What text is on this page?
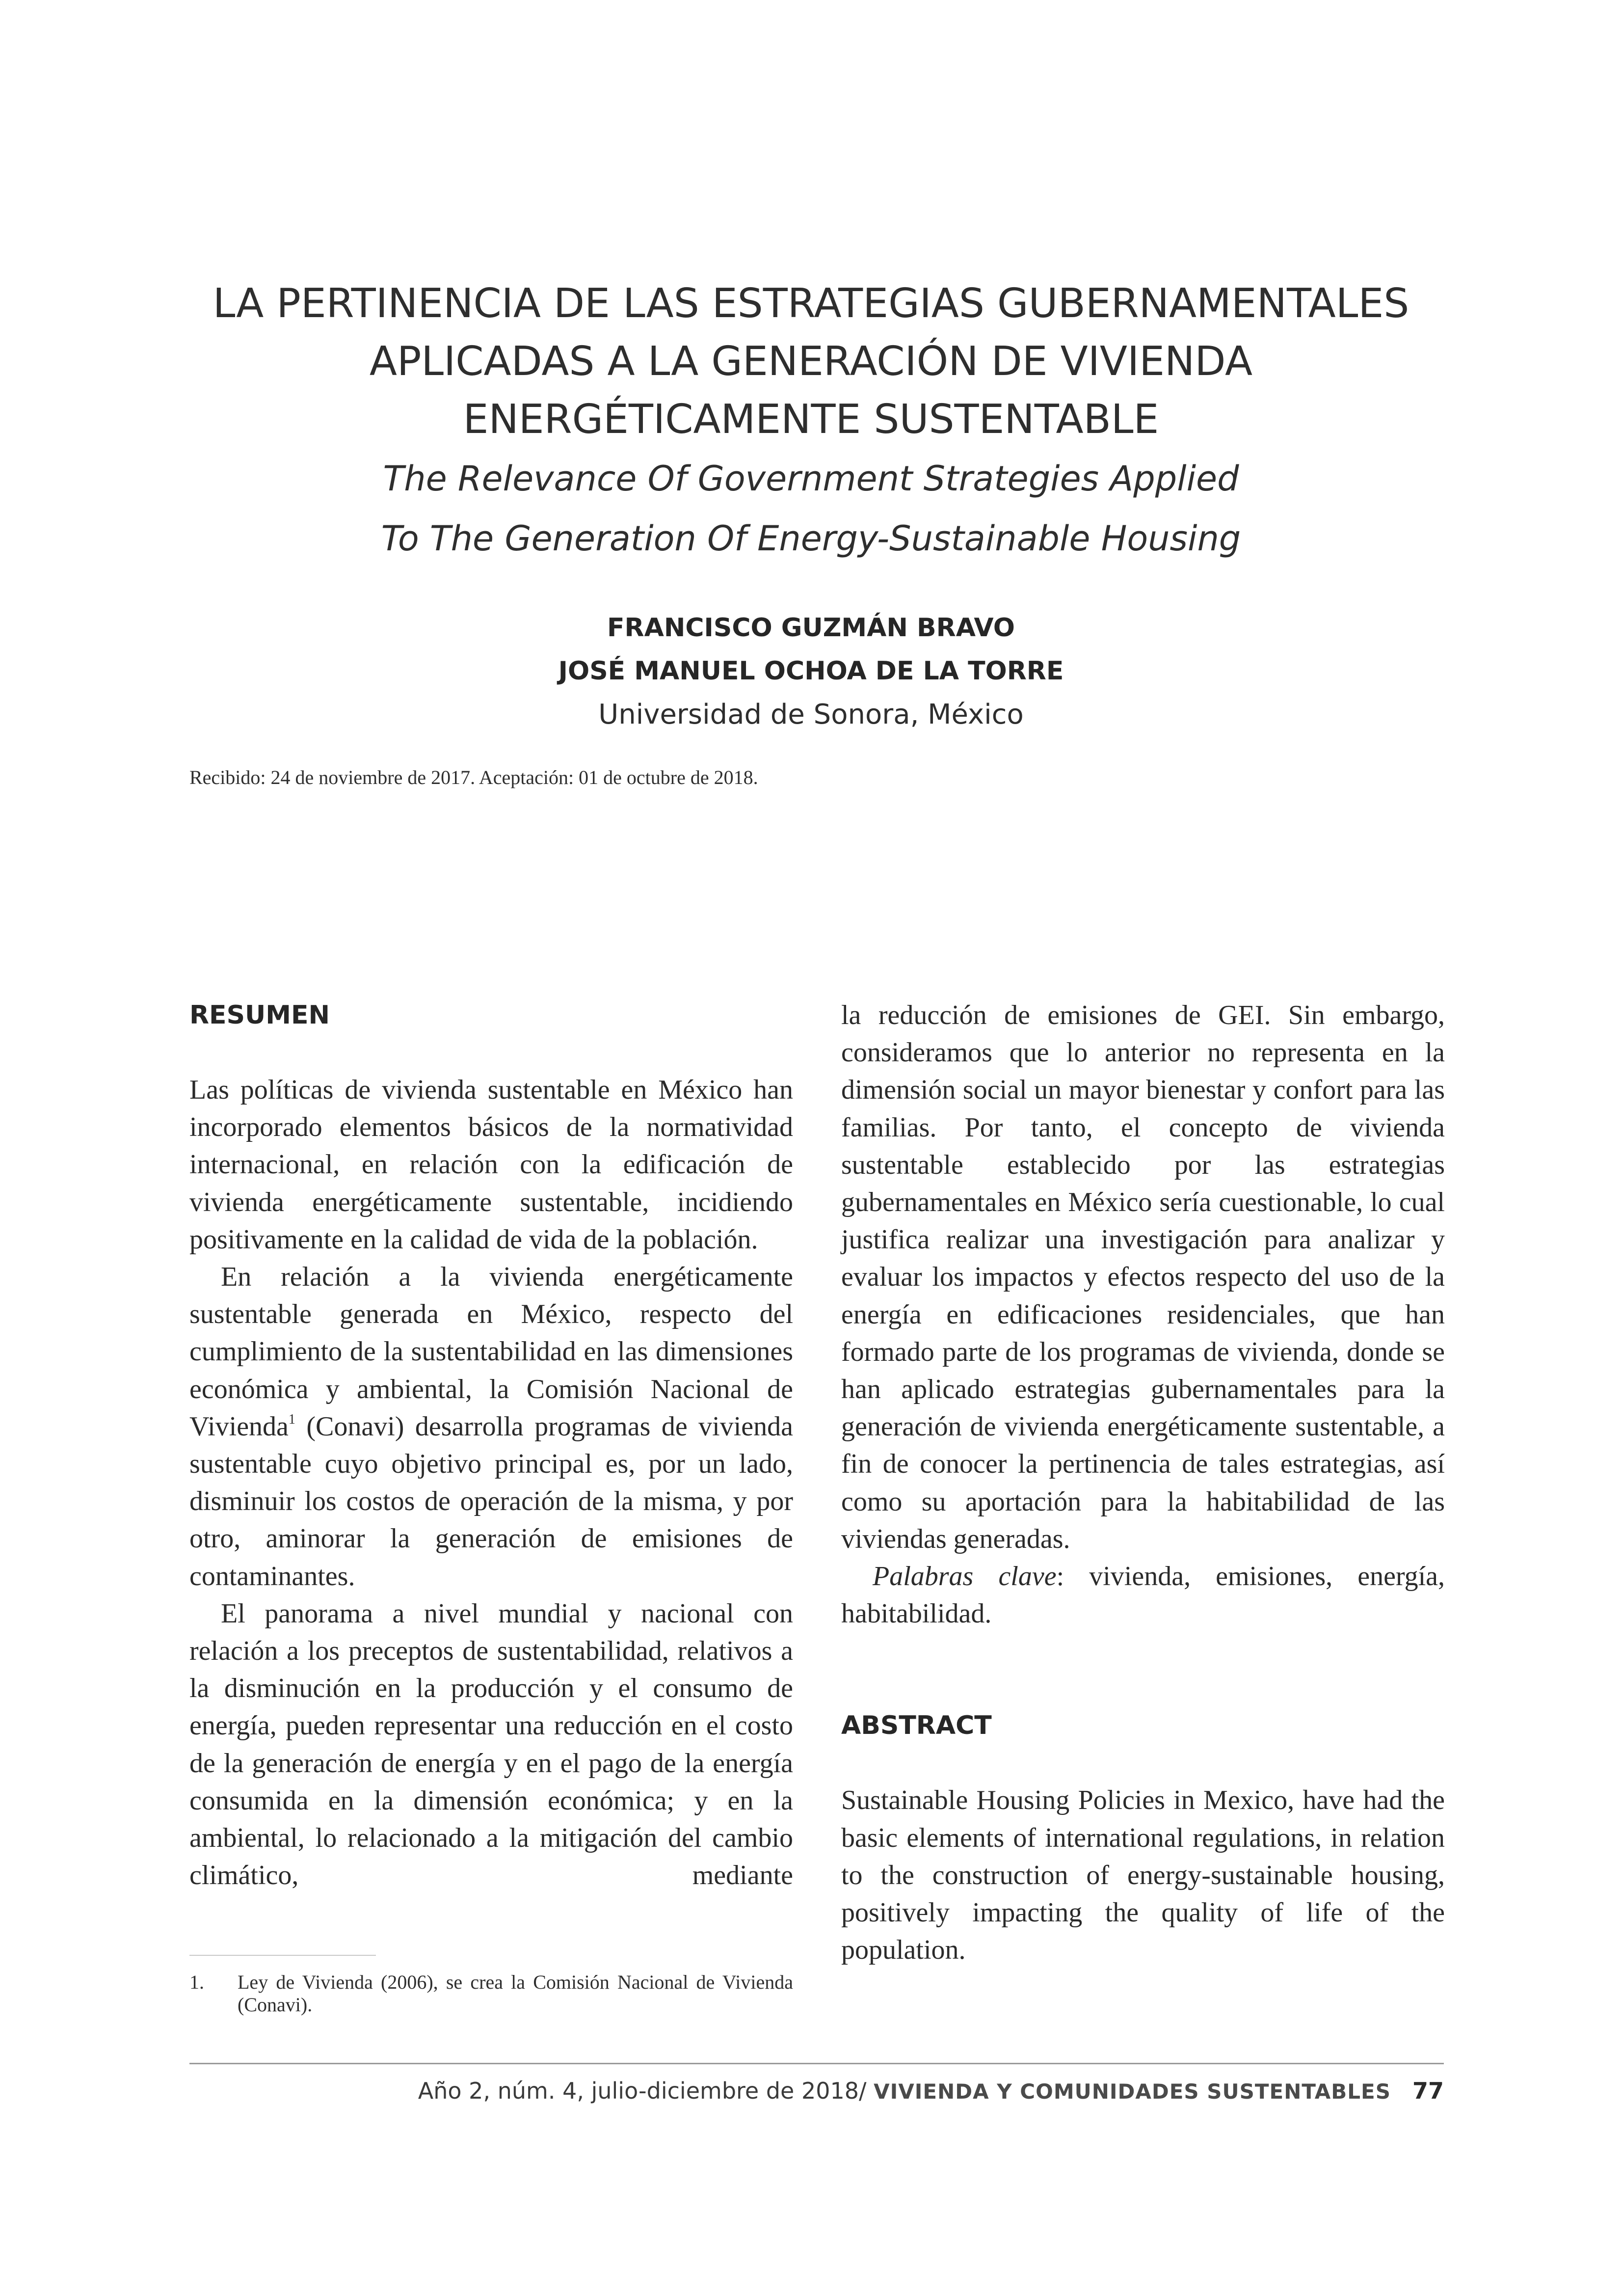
LA PERTINENCIA DE LAS ESTRATEGIAS GUBERNAMENTALES

APLICADAS A LA GENERACIÓN DE VIVIENDA

ENERGÉTICAMENTE SUSTENTABLE

The Relevance Of Government Strategies Applied

To The Generation Of Energy-Sustainable Housing

FRANCISCO GUZMÁN BRAVO
JOSÉ MANUEL OCHOA DE LA TORRE
Universidad de Sonora, México
Recibido: 24 de noviembre de 2017. Aceptación: 01 de octubre de 2018.

RESUMEN

Las políticas de vivienda sustentable en México han incorporado elementos básicos de la normatividad internacional, en relación con la edificación de vivienda energéticamente sustentable, incidiendo positivamente en la calidad de vida de la población.

En relación a la vivienda energéticamente sustentable generada en México, respecto del cumplimiento de la sustentabilidad en las dimensiones económica y ambiental, la Comisión Nacional de Vivienda$^1$ (Conavi) desarrolla programas de vivienda sustentable cuyo objetivo principal es, por un lado, disminuir los costos de operación de la misma, y por otro, aminorar la generación de emisiones de contaminantes.

El panorama a nivel mundial y nacional con relación a los preceptos de sustentabilidad, relativos a la disminución en la producción y el consumo de energía, pueden representar una reducción en el costo de la generación de energía y en el pago de la energía consumida en la dimensión económica; y en la ambiental, lo relacionado a la mitigación del cambio climático, mediante

la reducción de emisiones de GEI. Sin embargo, consideramos que lo anterior no representa en la dimensión social un mayor bienestar y confort para las familias. Por tanto, el concepto de vivienda sustentable establecido por las estrategias gubernamentales en México sería cuestionable, lo cual justifica realizar una investigación para analizar y evaluar los impactos y efectos respecto del uso de la energía en edificaciones residenciales, que han formado parte de los programas de vivienda, donde se han aplicado estrategias gubernamentales para la generación de vivienda energéticamente sustentable, a fin de conocer la pertinencia de tales estrategias, así como su aportación para la habitabilidad de las viviendas generadas.

Palabras clave: vivienda, emisiones, energía, habitabilidad.

ABSTRACT

Sustainable Housing Policies in Mexico, have had the basic elements of international regulations, in relation to the construction of energy-sustainable housing, positively impacting the quality of life of the population.

1. Ley de Vivienda (2006), se crea la Comisión Nacional de Vivienda (Conavi).
Año 2, núm. 4, julio-diciembre de 2018/ VIVIENDA Y COMUNIDADES SUSTENTABLES 77
